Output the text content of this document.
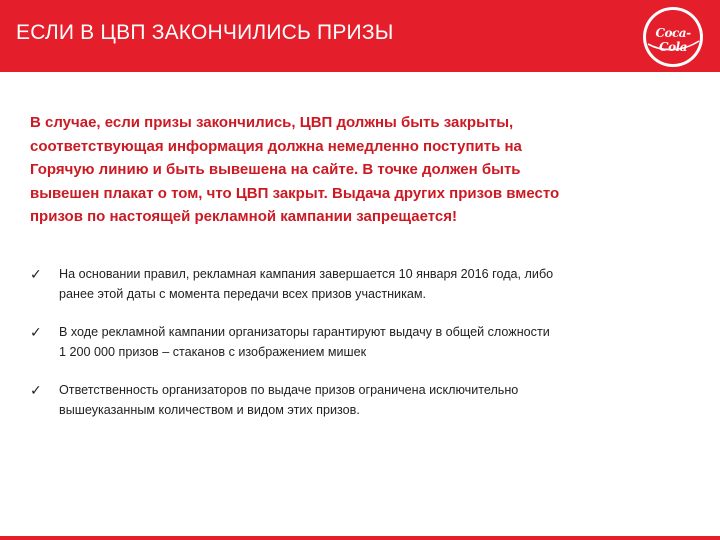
ЕСЛИ В ЦВП ЗАКОНЧИЛИСЬ ПРИЗЫ	Coca-Cola
В случае, если призы закончились, ЦВП должны быть закрыты,
соответствующая информация должна немедленно поступить на
Горячую линию и быть вывешена на сайте. В точке должен быть
вывешен плакат о том, что ЦВП закрыт. Выдача других призов вместо
призов по настоящей рекламной кампании запрещается!
✓ На основании правил, рекламная кампания завершается 10 января 2016 года, либо
ранее этой даты с момента передачи всех призов участникам.
✓ В ходе рекламной кампании организаторы гарантируют выдачу в общей сложности
1 200 000 призов – стаканов с изображением мишек
✓ Ответственность организаторов по выдаче призов ограничена исключительно
вышеуказанным количеством и видом этих призов.
